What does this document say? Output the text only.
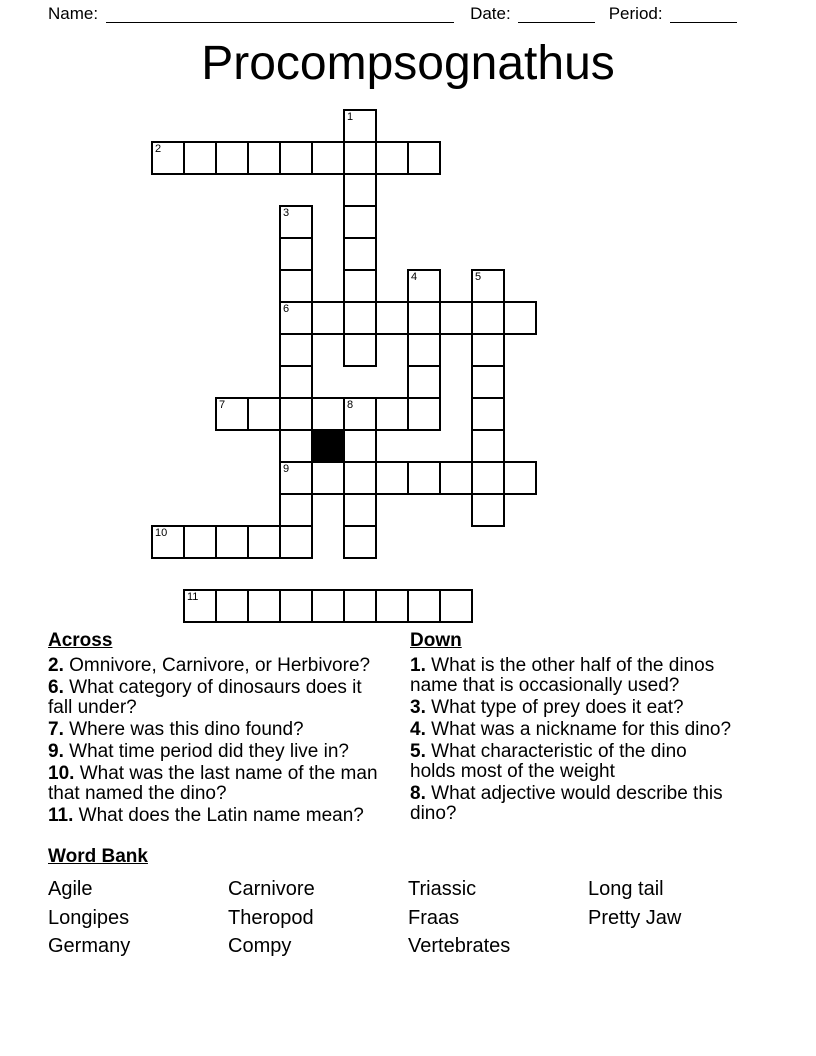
Name:	Date:	Period:
Procompsognathus
1
2
3
4	5
6
7	8
9
10
11
Across

2. Omnivore, Carnivore, or Herbivore?

6. What category of dinosaurs does it fall under?

7. Where was this dino found?

9. What time period did they live in?

10. What was the last name of the man that named the dino?

11. What does the Latin name mean?

Down

1. What is the other half of the dinos name that is occasionally used?

3. What type of prey does it eat?

4. What was a nickname for this dino?

5. What characteristic of the dino holds most of the weight

8. What adjective would describe this dino?

Word Bank
Agile	Carnivore	Triassic	Long tail
Longipes	Theropod	Fraas	Pretty Jaw
Germany	Compy	Vertebrates
